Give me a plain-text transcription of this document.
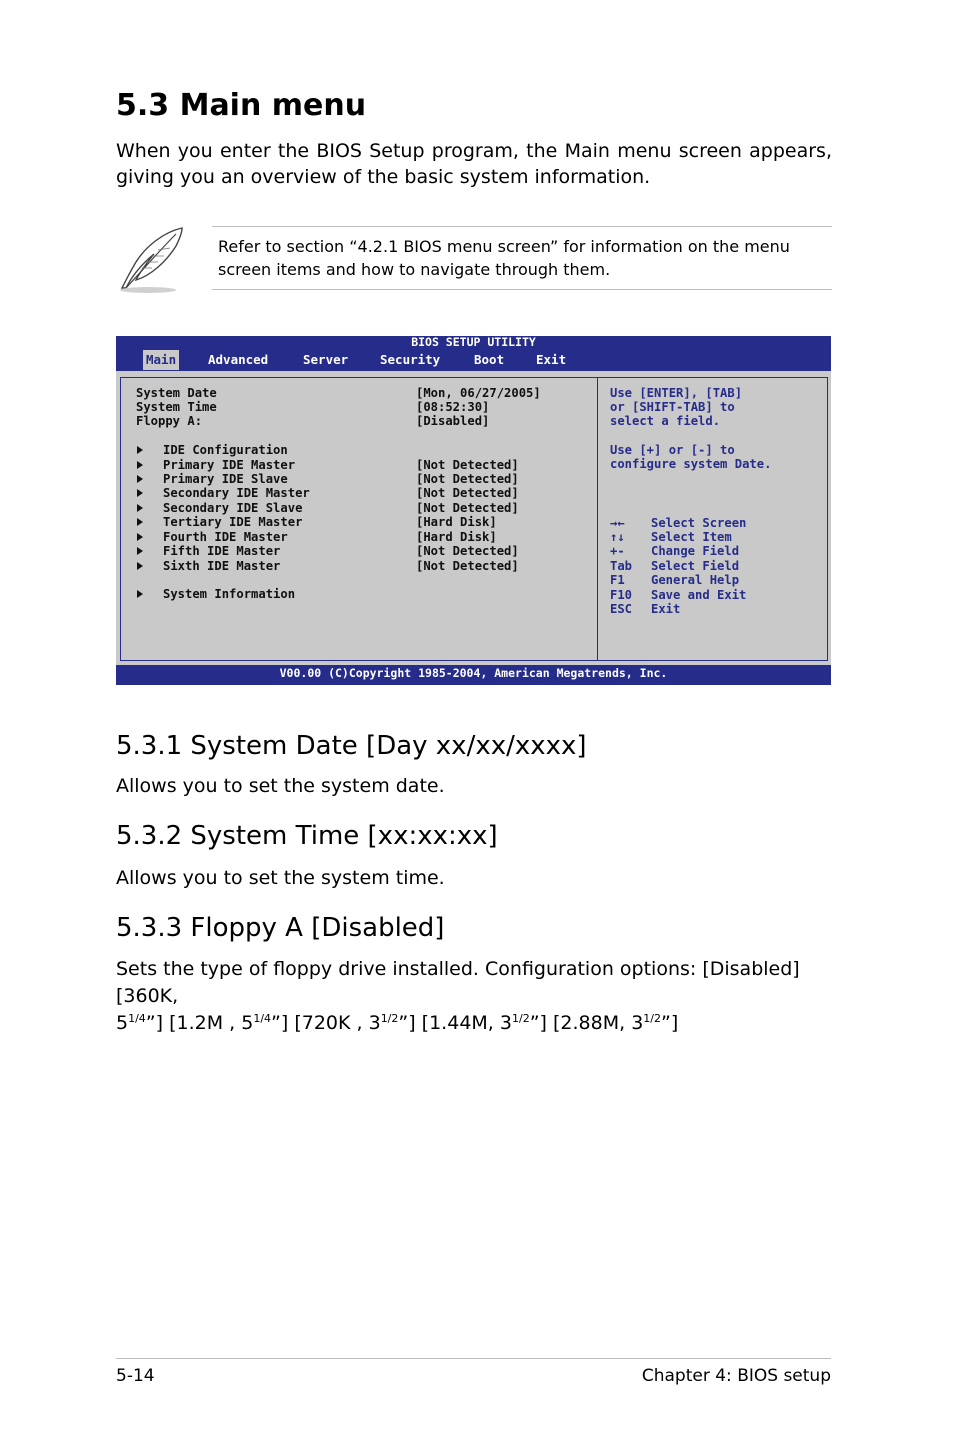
5.3 Main menu
When you enter the BIOS Setup program, the Main menu screen appears, giving you an overview of the basic system information.
Refer to section “4.2.1 BIOS menu screen” for information on the menu screen items and how to navigate through them.
BIOS SETUP UTILITY
Main	Advanced	Server	Security	Boot	Exit
System Date	[Mon, 06/27/2005]
System Time	[08:52:30]
Floppy A:	[Disabled]
IDE Configuration
Primary IDE Master	[Not Detected]
Primary IDE Slave	[Not Detected]
Secondary IDE Master	[Not Detected]
Secondary IDE Slave	[Not Detected]
Tertiary IDE Master	[Hard Disk]
Fourth IDE Master	[Hard Disk]
Fifth IDE Master	[Not Detected]
Sixth IDE Master	[Not Detected]
System Information
Use [ENTER], [TAB]
or [SHIFT-TAB] to
select a field.
Use [+] or [-] to
configure system Date.
→← Select Screen
↑↓ Select Item
+- Change Field
Tab Select Field
F1 General Help
F10 Save and Exit
ESC Exit
V00.00 (C)Copyright 1985-2004, American Megatrends, Inc.
5.3.1 System Date [Day xx/xx/xxxx]

Allows you to set the system date.

5.3.2 System Time [xx:xx:xx]

Allows you to set the system time.

5.3.3 Floppy A [Disabled]
Sets the type of floppy drive installed. Configuration options: [Disabled] [360K,
$5^{1/4}$”] [1.2M , $5^{1/4}$”] [720K , $3^{1/2}$”] [1.44M, $3^{1/2}$”] [2.88M, $3^{1/2}$”]
5-14	Chapter 4: BIOS setup
